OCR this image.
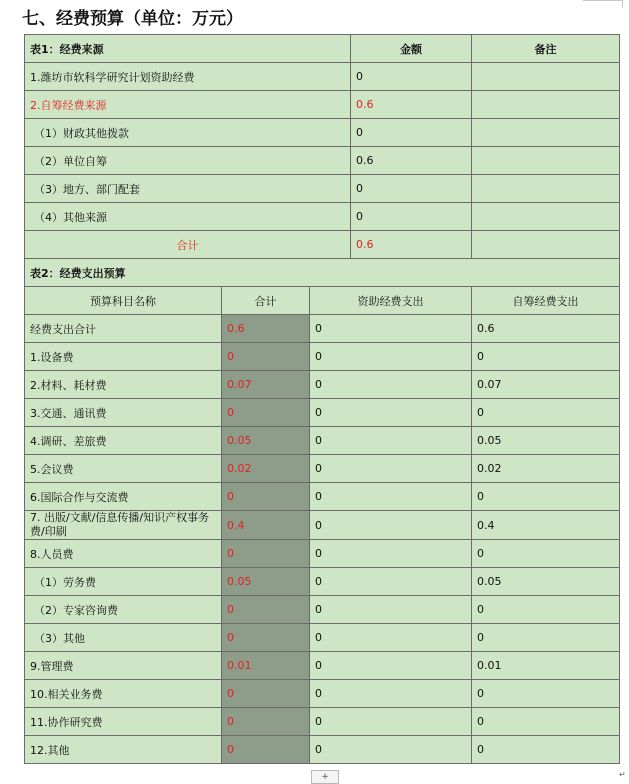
七、经费预算（单位：万元）
表1：经费来源			金额	备注
1.潍坊市软科学研究计划资助经费			0	
2.自筹经费来源			0.6	
（1）财政其他拨款			0	
（2）单位自筹			0.6	
（3）地方、部门配套			0	
（4）其他来源			0	
合计			0.6	
表2：经费支出预算				
预算科目名称	合计	资助经费支出		自筹经费支出
经费支出合计	0.6	0		0.6
1.设备费	0	0		0
2.材料、耗材费	0.07	0		0.07
3.交通、通讯费	0	0		0
4.调研、差旅费	0.05	0		0.05
5.会议费	0.02	0		0.02
6.国际合作与交流费	0	0		0
7. 出版/文献/信息传播/知识产权事务费/印刷	0.4	0		0.4
8.人员费	0	0		0
（1）劳务费	0.05	0		0.05
（2）专家咨询费	0	0		0
（3）其他	0	0		0
9.管理费	0.01	0		0.01
10.相关业务费	0	0		0
11.协作研究费	0	0		0
12.其他	0	0		0
+	↵
